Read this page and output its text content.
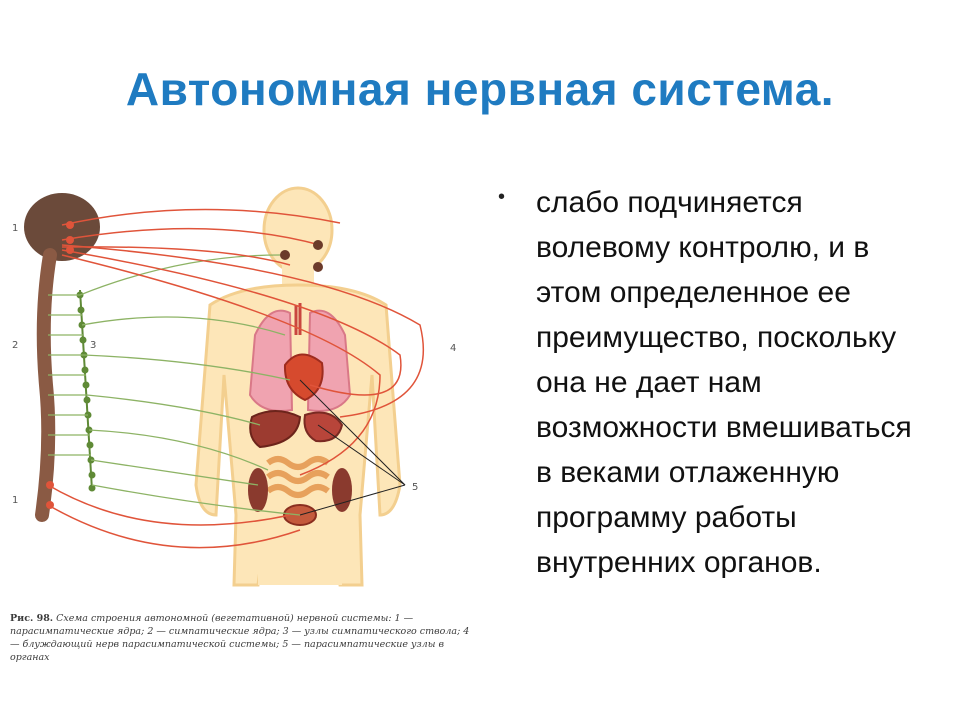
Автономная нервная система.
1
2	3	4
5
1
Рис. 98. Схема строения автономной (вегетативной) нервной системы: 1 — парасимпатические ядра; 2 — симпатические ядра; 3 — узлы симпатического ствола; 4 — блуждающий нерв парасимпатической системы; 5 — парасимпатические узлы в органах
• слабо подчиняется волевому контролю, и в этом определенное ее преимущество, поскольку она не дает нам возможности вмешиваться в веками отлаженную программу работы внутренних органов.
